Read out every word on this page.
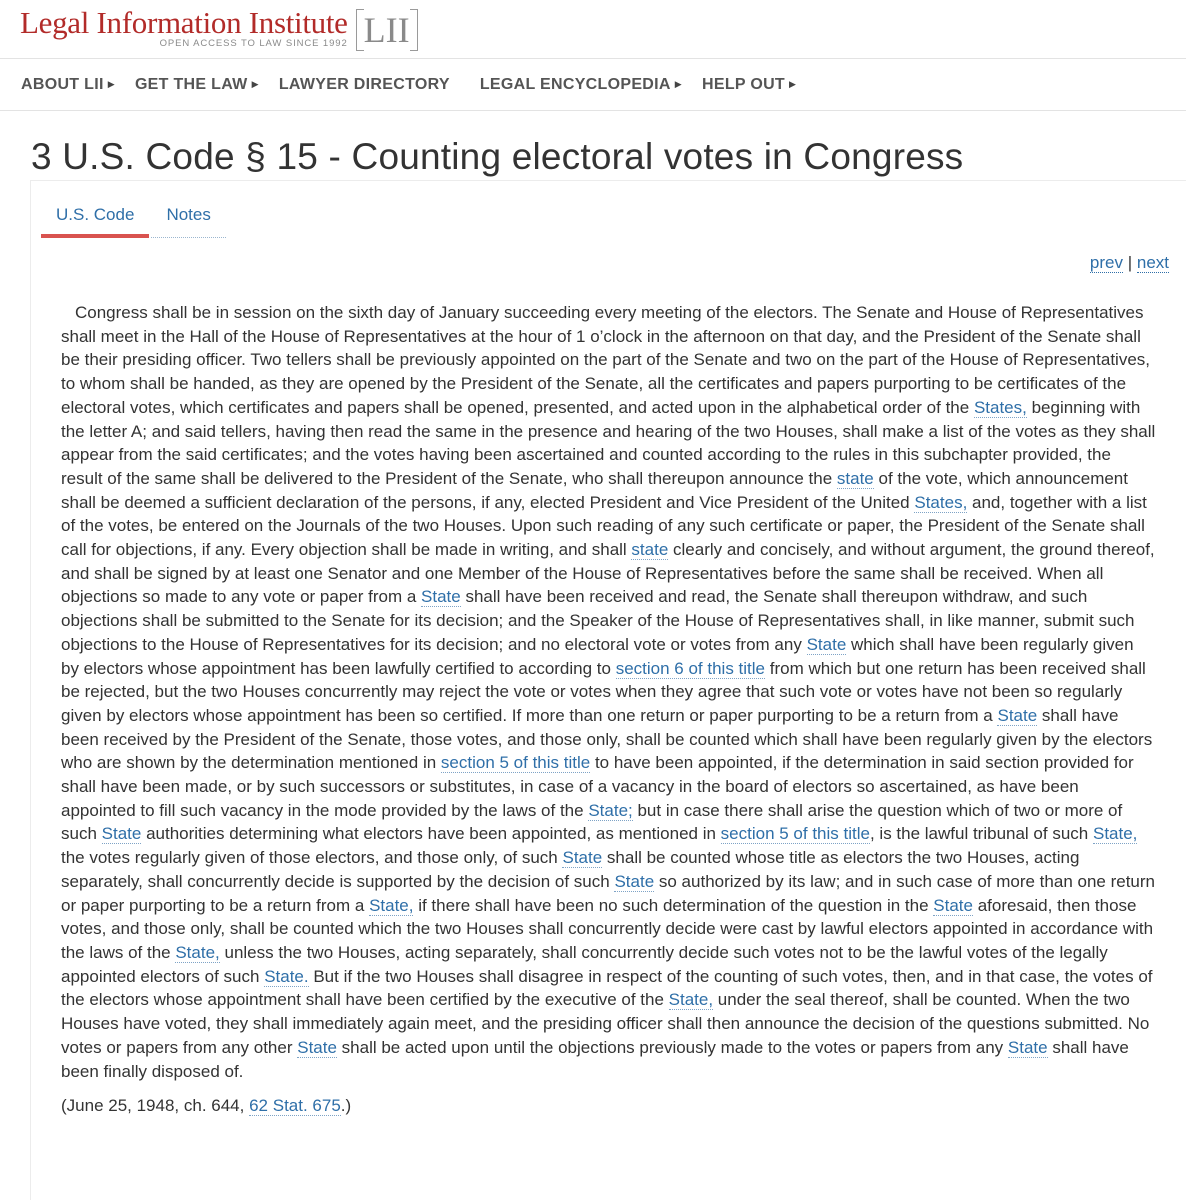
Legal Information Institute
OPEN ACCESS TO LAW SINCE 1992 LII
ABOUT LII ▶ GET THE LAW ▶ LAWYER DIRECTORY LEGAL ENCYCLOPEDIA ▶ HELP OUT ▶
3 U.S. Code § 15 - Counting electoral votes in Congress
U.S. Code	Notes
prev | next

Congress shall be in session on the sixth day of January succeeding every meeting of the electors. The Senate and House of Representatives shall meet in the Hall of the House of Representatives at the hour of 1 o’clock in the afternoon on that day, and the President of the Senate shall be their presiding officer. Two tellers shall be previously appointed on the part of the Senate and two on the part of the House of Representatives, to whom shall be handed, as they are opened by the President of the Senate, all the certificates and papers purporting to be certificates of the electoral votes, which certificates and papers shall be opened, presented, and acted upon in the alphabetical order of the States, beginning with the letter A; and said tellers, having then read the same in the presence and hearing of the two Houses, shall make a list of the votes as they shall appear from the said certificates; and the votes having been ascertained and counted according to the rules in this subchapter provided, the result of the same shall be delivered to the President of the Senate, who shall thereupon announce the state of the vote, which announcement shall be deemed a sufficient declaration of the persons, if any, elected President and Vice President of the United States, and, together with a list of the votes, be entered on the Journals of the two Houses. Upon such reading of any such certificate or paper, the President of the Senate shall call for objections, if any. Every objection shall be made in writing, and shall state clearly and concisely, and without argument, the ground thereof, and shall be signed by at least one Senator and one Member of the House of Representatives before the same shall be received. When all objections so made to any vote or paper from a State shall have been received and read, the Senate shall thereupon withdraw, and such objections shall be submitted to the Senate for its decision; and the Speaker of the House of Representatives shall, in like manner, submit such objections to the House of Representatives for its decision; and no electoral vote or votes from any State which shall have been regularly given by electors whose appointment has been lawfully certified to according to section 6 of this title from which but one return has been received shall be rejected, but the two Houses concurrently may reject the vote or votes when they agree that such vote or votes have not been so regularly given by electors whose appointment has been so certified. If more than one return or paper purporting to be a return from a State shall have been received by the President of the Senate, those votes, and those only, shall be counted which shall have been regularly given by the electors who are shown by the determination mentioned in section 5 of this title to have been appointed, if the determination in said section provided for shall have been made, or by such successors or substitutes, in case of a vacancy in the board of electors so ascertained, as have been appointed to fill such vacancy in the mode provided by the laws of the State; but in case there shall arise the question which of two or more of such State authorities determining what electors have been appointed, as mentioned in section 5 of this title, is the lawful tribunal of such State, the votes regularly given of those electors, and those only, of such State shall be counted whose title as electors the two Houses, acting separately, shall concurrently decide is supported by the decision of such State so authorized by its law; and in such case of more than one return or paper purporting to be a return from a State, if there shall have been no such determination of the question in the State aforesaid, then those votes, and those only, shall be counted which the two Houses shall concurrently decide were cast by lawful electors appointed in accordance with the laws of the State, unless the two Houses, acting separately, shall concurrently decide such votes not to be the lawful votes of the legally appointed electors of such State. But if the two Houses shall disagree in respect of the counting of such votes, then, and in that case, the votes of the electors whose appointment shall have been certified by the executive of the State, under the seal thereof, shall be counted. When the two Houses have voted, they shall immediately again meet, and the presiding officer shall then announce the decision of the questions submitted. No votes or papers from any other State shall be acted upon until the objections previously made to the votes or papers from any State shall have been finally disposed of.

(June 25, 1948, ch. 644, 62 Stat. 675.)
